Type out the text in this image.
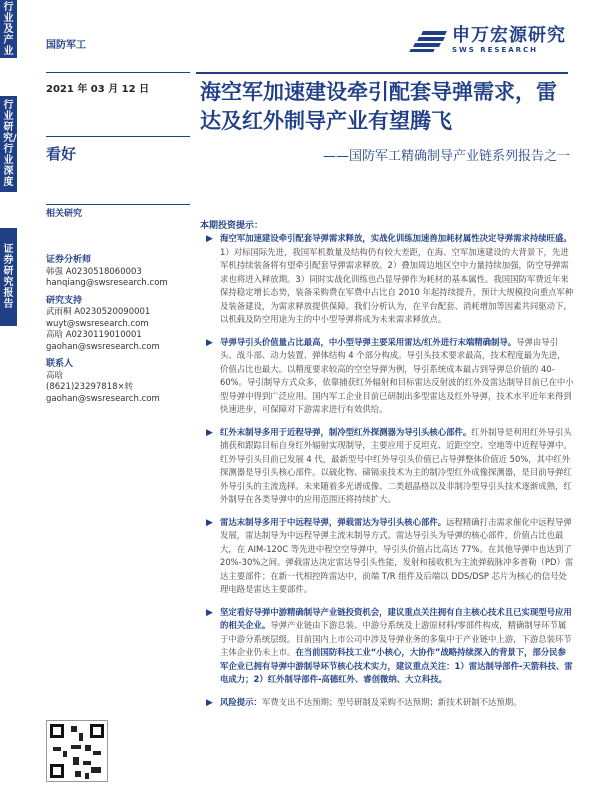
行业及产业
行业研究/行业深度
证券研究报告
国防军工	申万宏源研究
SWS RESEARCH
2021 年 03 月 12 日
看好
海空军加速建设牵引配套导弹需求，雷达及红外制导产业有望腾飞
——国防军工精确制导产业链系列报告之一
相关研究
证券分析师
韩强 A0230518060003
hanqiang@swsresearch.com
研究支持
武雨桐 A0230520090001
wuyt@swsresearch.com
高晗 A0230119010001
gaohan@swsresearch.com
联系人
高晗
(8621)23297818×转
gaohan@swsresearch.com
本期投资提示：
▶ 海空军加速建设牵引配套导弹需求释放，实战化训练加速兽加耗材属性决定导弹需求持续旺盛。1）对标国际先进，我国军机数量及结构仍有较大差距，在海、空军加速建设的大背景下，先进军机持续装备将有望牵引配套导弹需求释放。2）叠加周边地区空中力量持续加强，防空导弹需求也将进入释放期。3）同时实战化训练也凸显导弹作为耗材的基本属性。我国国防军费近年来保持稳定增长态势，装备采购费在军费中占比自 2010 年起持续提升，预计大规模投向重点军种及装备建设，为需求释放提供保障。我们分析认为，在平台配套、消耗增加等因素共同驱动下，以机载及防空用途为主的中小型导弹将成为未来需求释放点。
▶ 导弹导引头价值量占比最高，中小型导弹主要采用雷达/红外进行末端精确制导。导弹由导引头、战斗部、动力装置、弹体结构 4 个部分构成。导引头技术要求最高，技术程度最为先进，价值占比也最大。以精度要求较高的空空导弹为例，导引系统成本最占到导弹总价值的 40-60%。导引制导方式众多，依靠捕获红外辐射和目标雷达反射波的红外及雷达制导目前已在中小型导弹中得到广泛应用。国内军工企业目前已研制出多型雷达及红外导弹，技术水平近年来得到快速进步，可保障对下游需求进行有效供给。
▶ 红外末制导多用于近程导弹，制冷型红外探测器为导引头核心部件。红外制导是利用红外导引头捕获和跟踪目标自身红外辐射实现制导，主要应用于反坦克、近距空空、空地等中近程导弹中。红外导引头目前已发展 4 代，最新型号中红外导引头价值已占导弹整体价值近 50%，其中红外探测器是导引头核心部件。以硫化物、碲镉汞技术为主的制冷型红外成像探测器，是目前导弹红外导引头的主流选择。未来随着多光谱成像、二类超晶格以及非制冷型导引头技术逐渐成熟，红外制导在各类导弹中的应用范围还将持续扩大。
▶ 雷达末制导多用于中远程导弹，弹载雷达为导引头核心部件。远程精确打击需求催化中远程导弹发展，雷达制导为中远程导弹主流末制导方式。雷达导引头为导弹的核心部件，价值占比也最大，在 AIM-120C 等先进中程空空导弹中，导引头价值占比高达 77%。在其他导弹中也达到了 20%-30%之间。弹载雷达决定雷达导引头性能，发射和接收机为主流弹载脉冲多普勒（PD）雷达主要部件；在新一代相控阵雷达中，前端 T/R 组件及后端以 DDS/DSP 芯片为核心的信号处理电路是雷达主要部件。
▶ 坚定看好导弹中游精确制导产业链投资机会，建议重点关注拥有自主核心技术且已实现型号应用的相关企业。导弹产业链由下游总装、中游分系统及上游原材料/零部件构成，精确制导环节属于中游分系统层级。目前国内上市公司中涉及导弹业务的多集中于产业链中上游，下游总装环节主体企业仍未上市。在当前国防科技工业“小核心，大协作”战略持续深入的背景下，部分民参军企业已拥有导弹中游制导环节核心技术实力，建议重点关注：1）雷达制导部件-天箭科技、雷电成力；2）红外制导部件-高德红外、睿创微纳、大立科技。
▶ 风险提示：军费支出不达预期；型号研制及采购不达预期；新技术研制不达预期。
